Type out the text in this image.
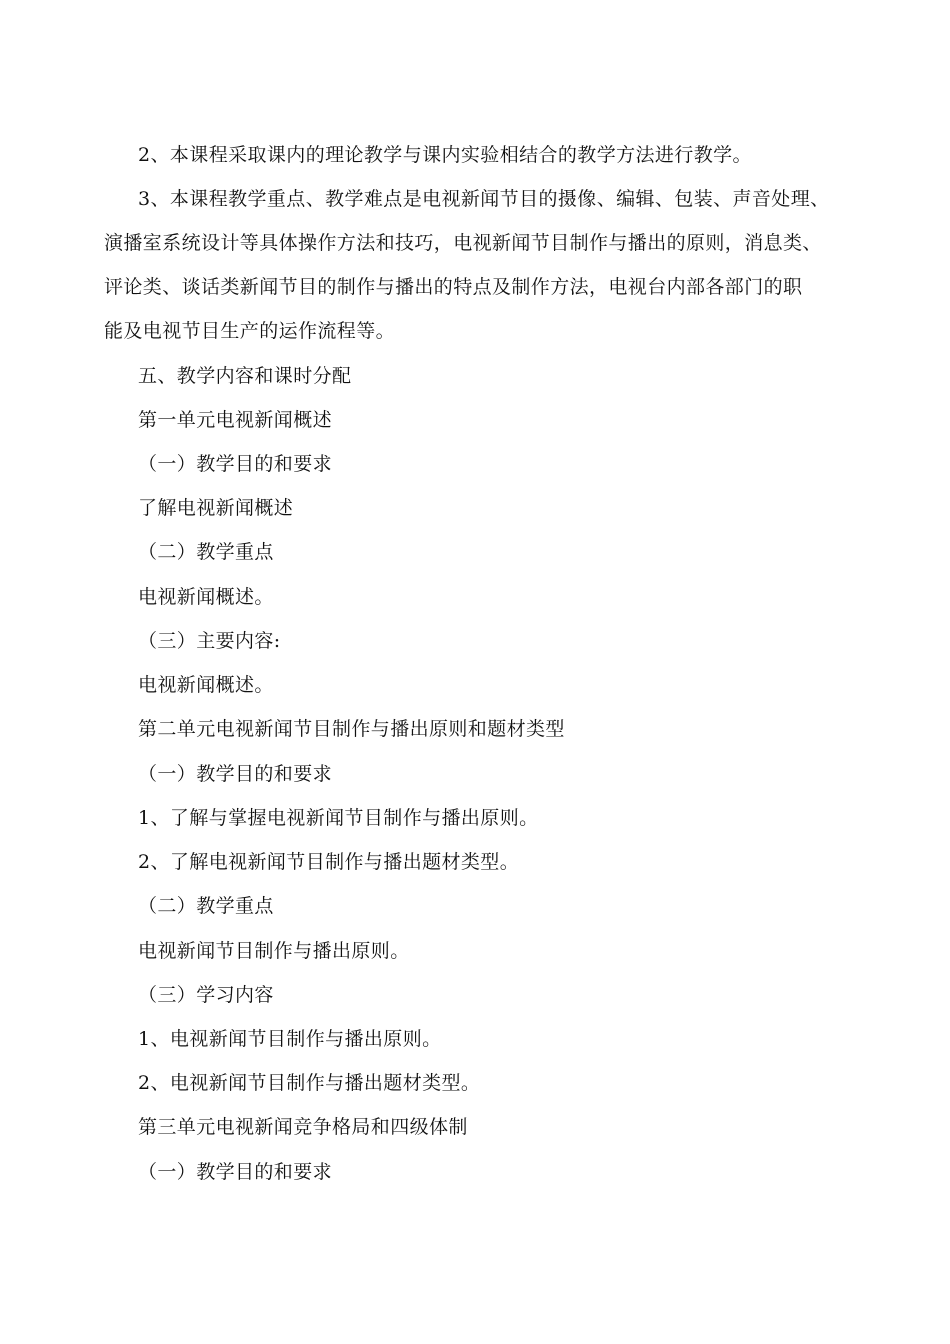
2、本课程采取课内的理论教学与课内实验相结合的教学方法进行教学。
3、本课程教学重点、教学难点是电视新闻节目的摄像、编辑、包装、声音处理、
演播室系统设计等具体操作方法和技巧，电视新闻节目制作与播出的原则，消息类、
评论类、谈话类新闻节目的制作与播出的特点及制作方法，电视台内部各部门的职
能及电视节目生产的运作流程等。
五、教学内容和课时分配
第一单元电视新闻概述
（一）教学目的和要求
了解电视新闻概述
（二）教学重点
电视新闻概述。
（三）主要内容:
电视新闻概述。
第二单元电视新闻节目制作与播出原则和题材类型
（一）教学目的和要求
1、了解与掌握电视新闻节目制作与播出原则。
2、了解电视新闻节目制作与播出题材类型。
（二）教学重点
电视新闻节目制作与播出原则。
（三）学习内容
1、电视新闻节目制作与播出原则。
2、电视新闻节目制作与播出题材类型。
第三单元电视新闻竞争格局和四级体制
（一）教学目的和要求
